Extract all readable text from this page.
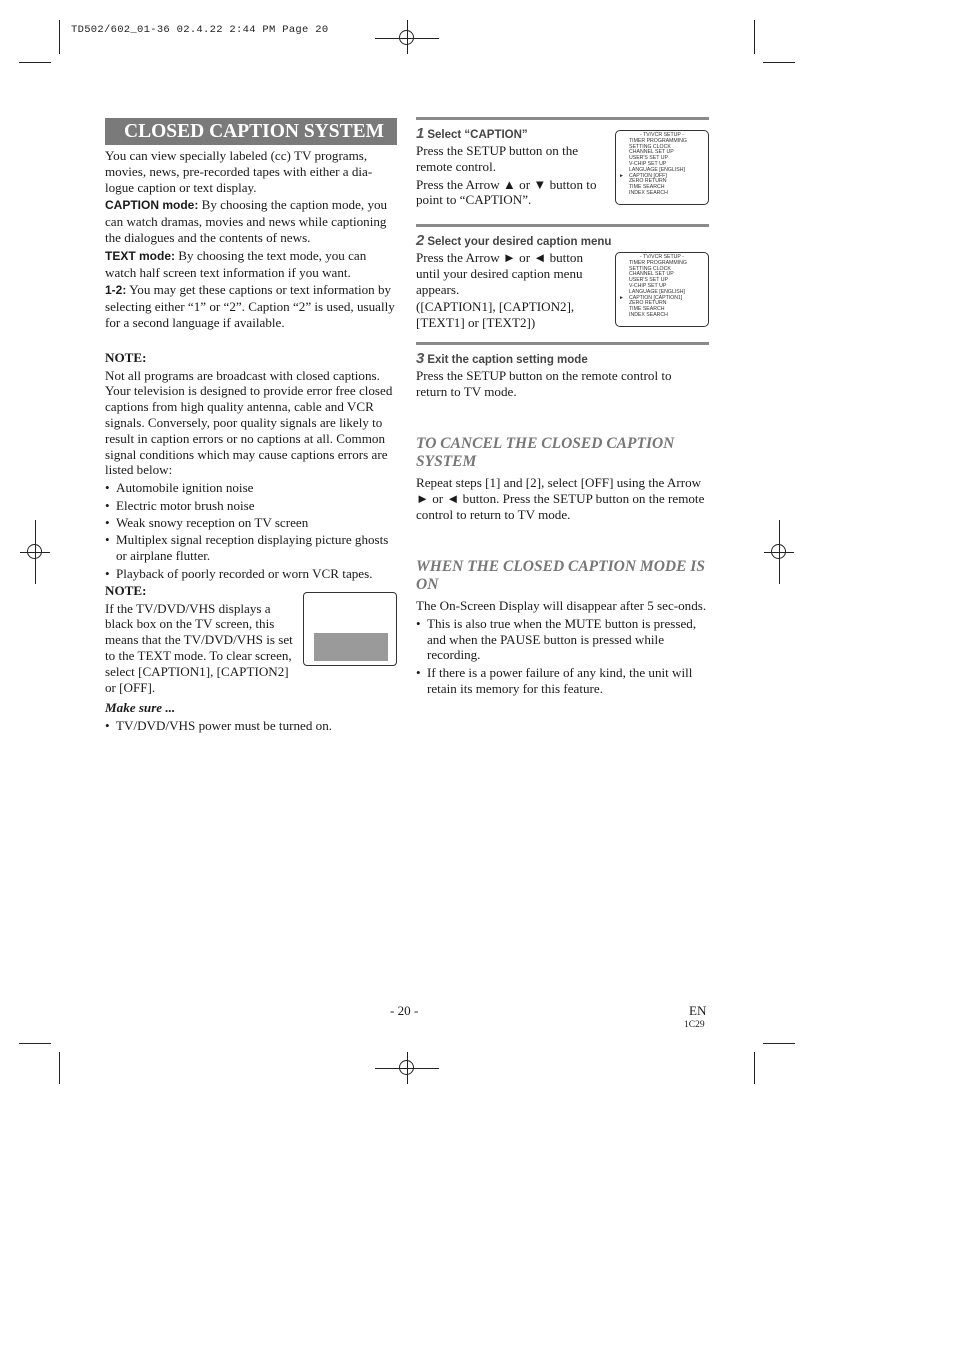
TD502/602_01-36 02.4.22 2:44 PM Page 20
CLOSED CAPTION SYSTEM

You can view specially labeled (cc) TV programs, movies, news, pre-recorded tapes with either a dia-logue caption or text display.

CAPTION mode: By choosing the caption mode, you can watch dramas, movies and news while captioning the dialogues and the contents of news.

TEXT mode: By choosing the text mode, you can watch half screen text information if you want.

1-2: You may get these captions or text information by selecting either “1” or “2”. Caption “2” is used, usually for a second language if available.

NOTE:

Not all programs are broadcast with closed captions. Your television is designed to provide error free closed captions from high quality antenna, cable and VCR signals. Conversely, poor quality signals are likely to result in caption errors or no captions at all. Common signal conditions which may cause captions errors are listed below:

• Automobile ignition noise
• Electric motor brush noise
• Weak snowy reception on TV screen
• Multiplex signal reception displaying picture ghosts or airplane flutter.
• Playback of poorly recorded or worn VCR tapes.

NOTE:

If the TV/DVD/VHS displays a black box on the TV screen, this means that the TV/DVD/VHS is set to the TEXT mode. To clear screen, select [CAPTION1], [CAPTION2] or [OFF].

Make sure ...

• TV/DVD/VHS power must be turned on.
1 Select “CAPTION”

Press the SETUP button on the remote control.

Press the Arrow ▲ or ▼ button to point to “CAPTION”.

- TV/VCR SETUP -
TIMER PROGRAMMING
SETTING CLOCK
CHANNEL SET UP
USER'S SET UP
V-CHIP SET UP
LANGUAGE [ENGLISH]
► CAPTION [OFF]
ZERO RETURN
TIME SEARCH
INDEX SEARCH
2 Select your desired caption menu

Press the Arrow ► or ◄ button until your desired caption menu appears.

([CAPTION1], [CAPTION2], [TEXT1] or [TEXT2])

- TV/VCR SETUP -
TIMER PROGRAMMING
SETTING CLOCK
CHANNEL SET UP
USER'S SET UP
V-CHIP SET UP
LANGUAGE [ENGLISH]
► CAPTION [CAPTION1]
ZERO RETURN
TIME SEARCH
INDEX SEARCH
3 Exit the caption setting mode

Press the SETUP button on the remote control to return to TV mode.

TO CANCEL THE CLOSED CAPTION SYSTEM

Repeat steps [1] and [2], select [OFF] using the Arrow ► or ◄ button. Press the SETUP button on the remote control to return to TV mode.

WHEN THE CLOSED CAPTION MODE IS ON

The On-Screen Display will disappear after 5 sec-onds.

• This is also true when the MUTE button is pressed, and when the PAUSE button is pressed while recording.
• If there is a power failure of any kind, the unit will retain its memory for this feature.
- 20 -	EN
1C29
